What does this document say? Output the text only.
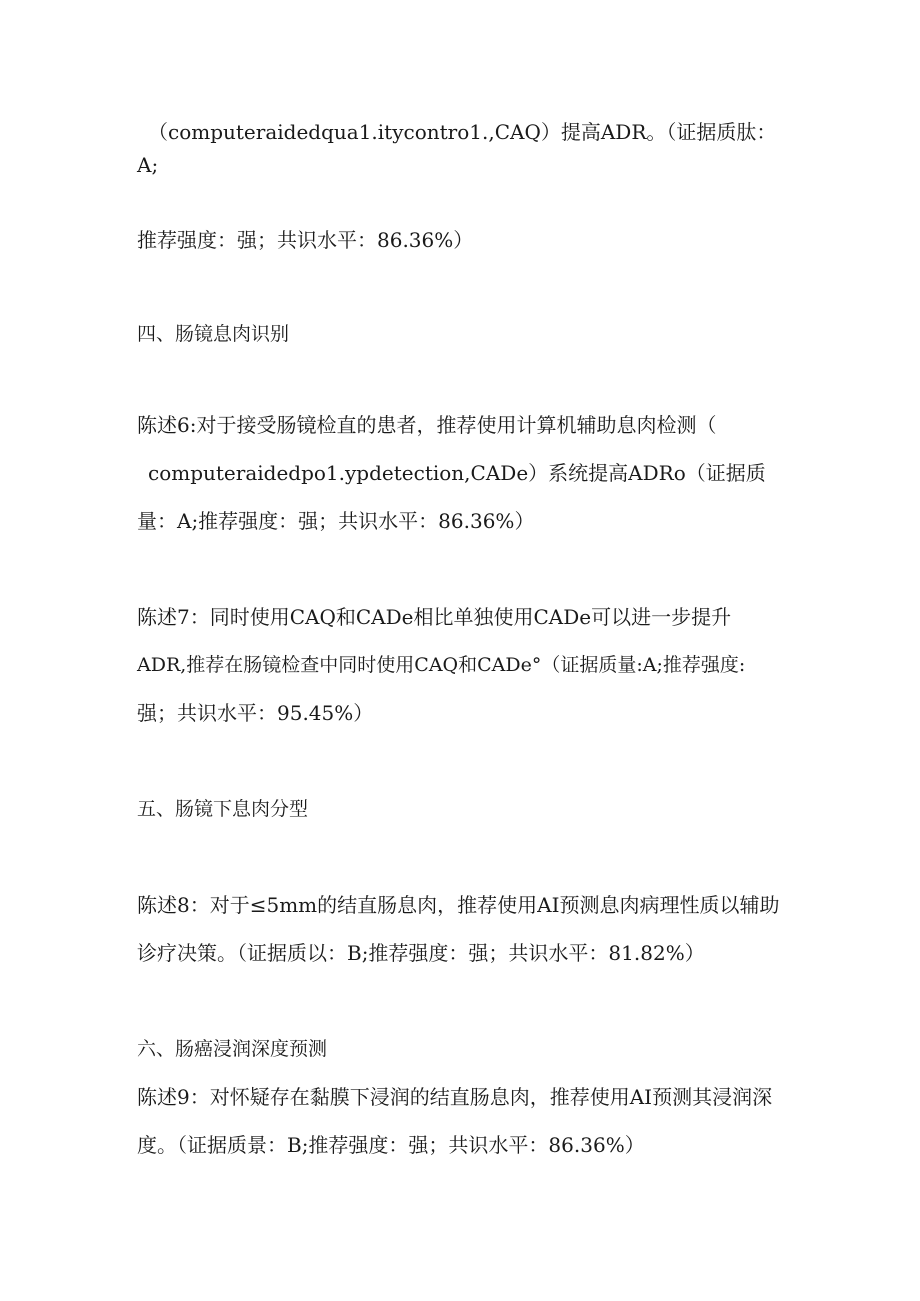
（computeraidedqua1.itycontro1.,CAQ）提高ADR。（证据质肽：
A;
推荐强度：强；共识水平：86.36%）
四、肠镜息肉识别
陈述6:对于接受肠镜检直的患者，推荐使用计算机辅助息肉检测（
computeraidedpo1.ypdetection,CADe）系统提高ADRo（证据质
量：A;推荐强度：强；共识水平：86.36%）
陈述7：同时使用CAQ和CADe相比单独使用CADe可以进一步提升
ADR,推荐在肠镜检查中同时使用CAQ和CADe°（证据质量:A;推荐强度:
强；共识水平：95.45%）
五、肠镜下息肉分型
陈述8：对于≤5mm的结直肠息肉，推荐使用AI预测息肉病理性质以辅助
诊疗决策。（证据质以：B;推荐强度：强；共识水平：81.82%）
六、肠癌浸润深度预测
陈述9：对怀疑存在黏膜下浸润的结直肠息肉，推荐使用AI预测其浸润深
度。（证据质景：B;推荐强度：强；共识水平：86.36%）
